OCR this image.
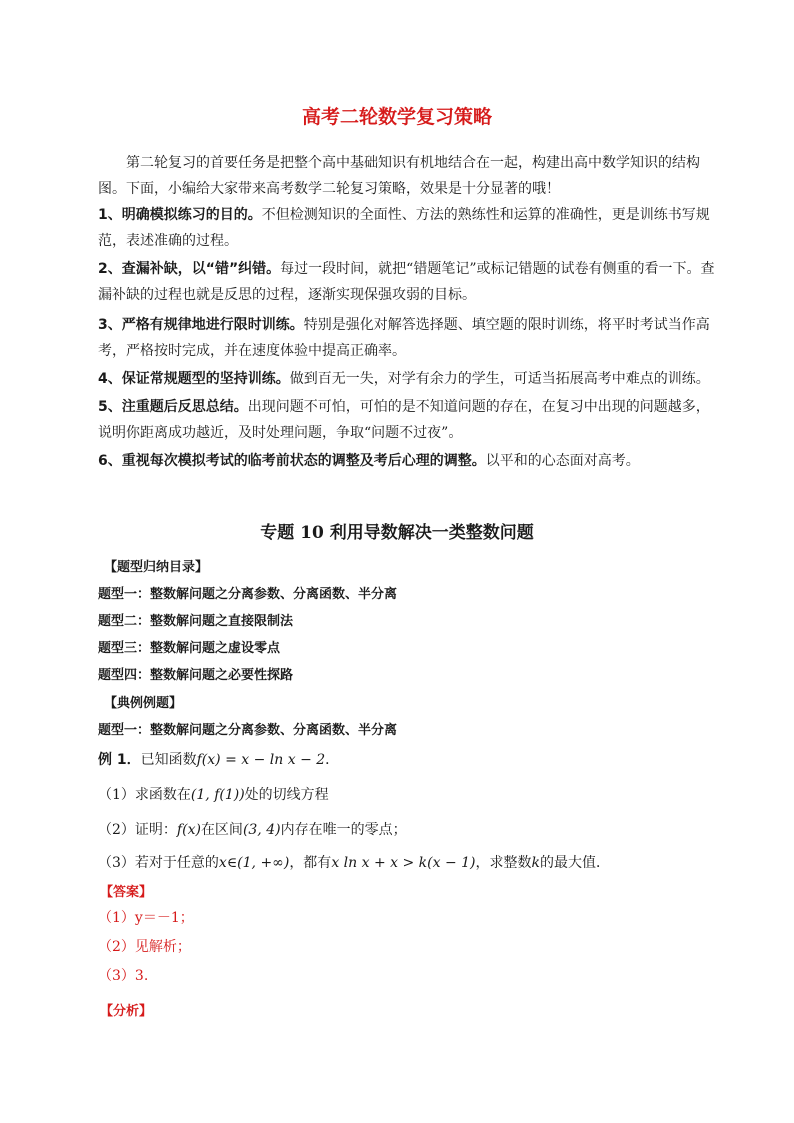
高考二轮数学复习策略
第二轮复习的首要任务是把整个高中基础知识有机地结合在一起，构建出高中数学知识的结构图。下面，小编给大家带来高考数学二轮复习策略，效果是十分显著的哦！
1、明确模拟练习的目的。不但检测知识的全面性、方法的熟练性和运算的准确性，更是训练书写规范，表述准确的过程。
2、查漏补缺，以“错”纠错。每过一段时间，就把“错题笔记”或标记错题的试卷有侧重的看一下。查漏补缺的过程也就是反思的过程，逐渐实现保强攻弱的目标。
3、严格有规律地进行限时训练。特别是强化对解答选择题、填空题的限时训练，将平时考试当作高考，严格按时完成，并在速度体验中提高正确率。
4、保证常规题型的坚持训练。做到百无一失，对学有余力的学生，可适当拓展高考中难点的训练。
5、注重题后反思总结。出现问题不可怕，可怕的是不知道问题的存在，在复习中出现的问题越多，说明你距离成功越近，及时处理问题，争取“问题不过夜”。
6、重视每次模拟考试的临考前状态的调整及考后心理的调整。以平和的心态面对高考。
专题 10 利用导数解决一类整数问题
【题型归纳目录】
题型一：整数解问题之分离参数、分离函数、半分离
题型二：整数解问题之直接限制法
题型三：整数解问题之虚设零点
题型四：整数解问题之必要性探路
【典例例题】
题型一：整数解问题之分离参数、分离函数、半分离
例 1．已知函数f(x) = x − ln x − 2．
（1）求函数在(1, f(1))处的切线方程
（2）证明：f(x)在区间(3, 4)内存在唯一的零点；
（3）若对于任意的x∈(1, +∞)，都有x ln x + x > k(x − 1)，求整数k的最大值．
【答案】
（1）y＝－1；
（2）见解析；
（3）3.
【分析】
